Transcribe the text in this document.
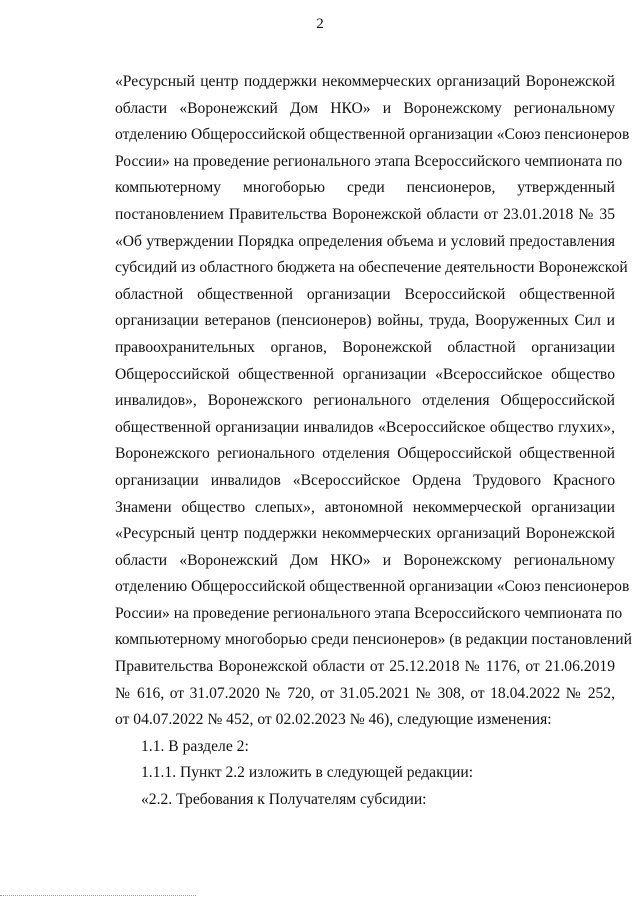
2
«Ресурсный центр поддержки некоммерческих организаций Воронежской
области «Воронежский Дом НКО» и Воронежскому региональному
отделению Общероссийской общественной организации «Союз пенсионеров
России» на проведение регионального этапа Всероссийского чемпионата по
компьютерному многоборью среди пенсионеров, утвержденный
постановлением Правительства Воронежской области от 23.01.2018 № 35
«Об утверждении Порядка определения объема и условий предоставления
субсидий из областного бюджета на обеспечение деятельности Воронежской
областной общественной организации Всероссийской общественной
организации ветеранов (пенсионеров) войны, труда, Вооруженных Сил и
правоохранительных органов, Воронежской областной организации
Общероссийской общественной организации «Всероссийское общество
инвалидов», Воронежского регионального отделения Общероссийской
общественной организации инвалидов «Всероссийское общество глухих»,
Воронежского регионального отделения Общероссийской общественной
организации инвалидов «Всероссийское Ордена Трудового Красного
Знамени общество слепых», автономной некоммерческой организации
«Ресурсный центр поддержки некоммерческих организаций Воронежской
области «Воронежский Дом НКО» и Воронежскому региональному
отделению Общероссийской общественной организации «Союз пенсионеров
России» на проведение регионального этапа Всероссийского чемпионата по
компьютерному многоборью среди пенсионеров» (в редакции постановлений
Правительства Воронежской области от 25.12.2018 № 1176, от 21.06.2019
№ 616, от 31.07.2020 № 720, от 31.05.2021 № 308, от 18.04.2022 № 252,
от 04.07.2022 № 452, от 02.02.2023 № 46), следующие изменения:
1.1. В разделе 2:
1.1.1. Пункт 2.2 изложить в следующей редакции:
«2.2. Требования к Получателям субсидии:
